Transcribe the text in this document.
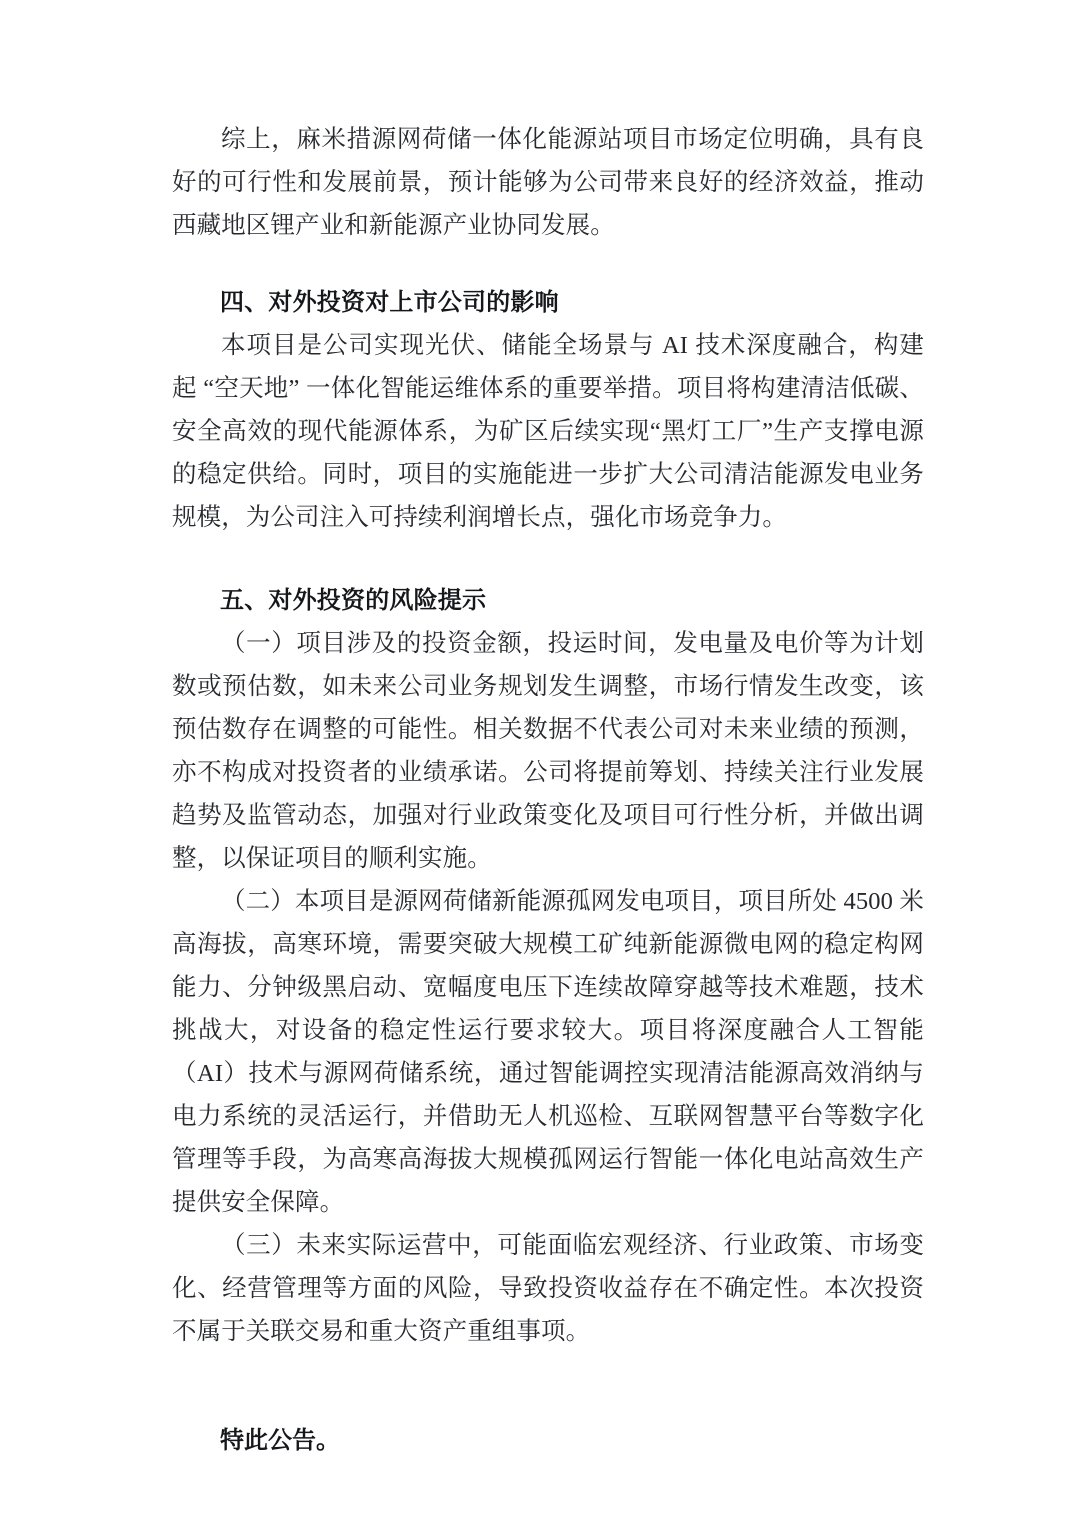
综上，麻米措源网荷储一体化能源站项目市场定位明确，具有良好的可行性和发展前景，预计能够为公司带来良好的经济效益，推动西藏地区锂产业和新能源产业协同发展。

四、对外投资对上市公司的影响

本项目是公司实现光伏、储能全场景与 AI 技术深度融合，构建起 “空天地” 一体化智能运维体系的重要举措。项目将构建清洁低碳、安全高效的现代能源体系，为矿区后续实现“黑灯工厂”生产支撑电源的稳定供给。同时，项目的实施能进一步扩大公司清洁能源发电业务规模，为公司注入可持续利润增长点，强化市场竞争力。

五、对外投资的风险提示

（一）项目涉及的投资金额，投运时间，发电量及电价等为计划数或预估数，如未来公司业务规划发生调整，市场行情发生改变，该预估数存在调整的可能性。相关数据不代表公司对未来业绩的预测，亦不构成对投资者的业绩承诺。公司将提前筹划、持续关注行业发展趋势及监管动态，加强对行业政策变化及项目可行性分析，并做出调整，以保证项目的顺利实施。

（二）本项目是源网荷储新能源孤网发电项目，项目所处 4500 米高海拔，高寒环境，需要突破大规模工矿纯新能源微电网的稳定构网能力、分钟级黑启动、宽幅度电压下连续故障穿越等技术难题，技术挑战大，对设备的稳定性运行要求较大。项目将深度融合人工智能（AI）技术与源网荷储系统，通过智能调控实现清洁能源高效消纳与电力系统的灵活运行，并借助无人机巡检、互联网智慧平台等数字化管理等手段，为高寒高海拔大规模孤网运行智能一体化电站高效生产提供安全保障。

（三）未来实际运营中，可能面临宏观经济、行业政策、市场变化、经营管理等方面的风险，导致投资收益存在不确定性。本次投资不属于关联交易和重大资产重组事项。

特此公告。
